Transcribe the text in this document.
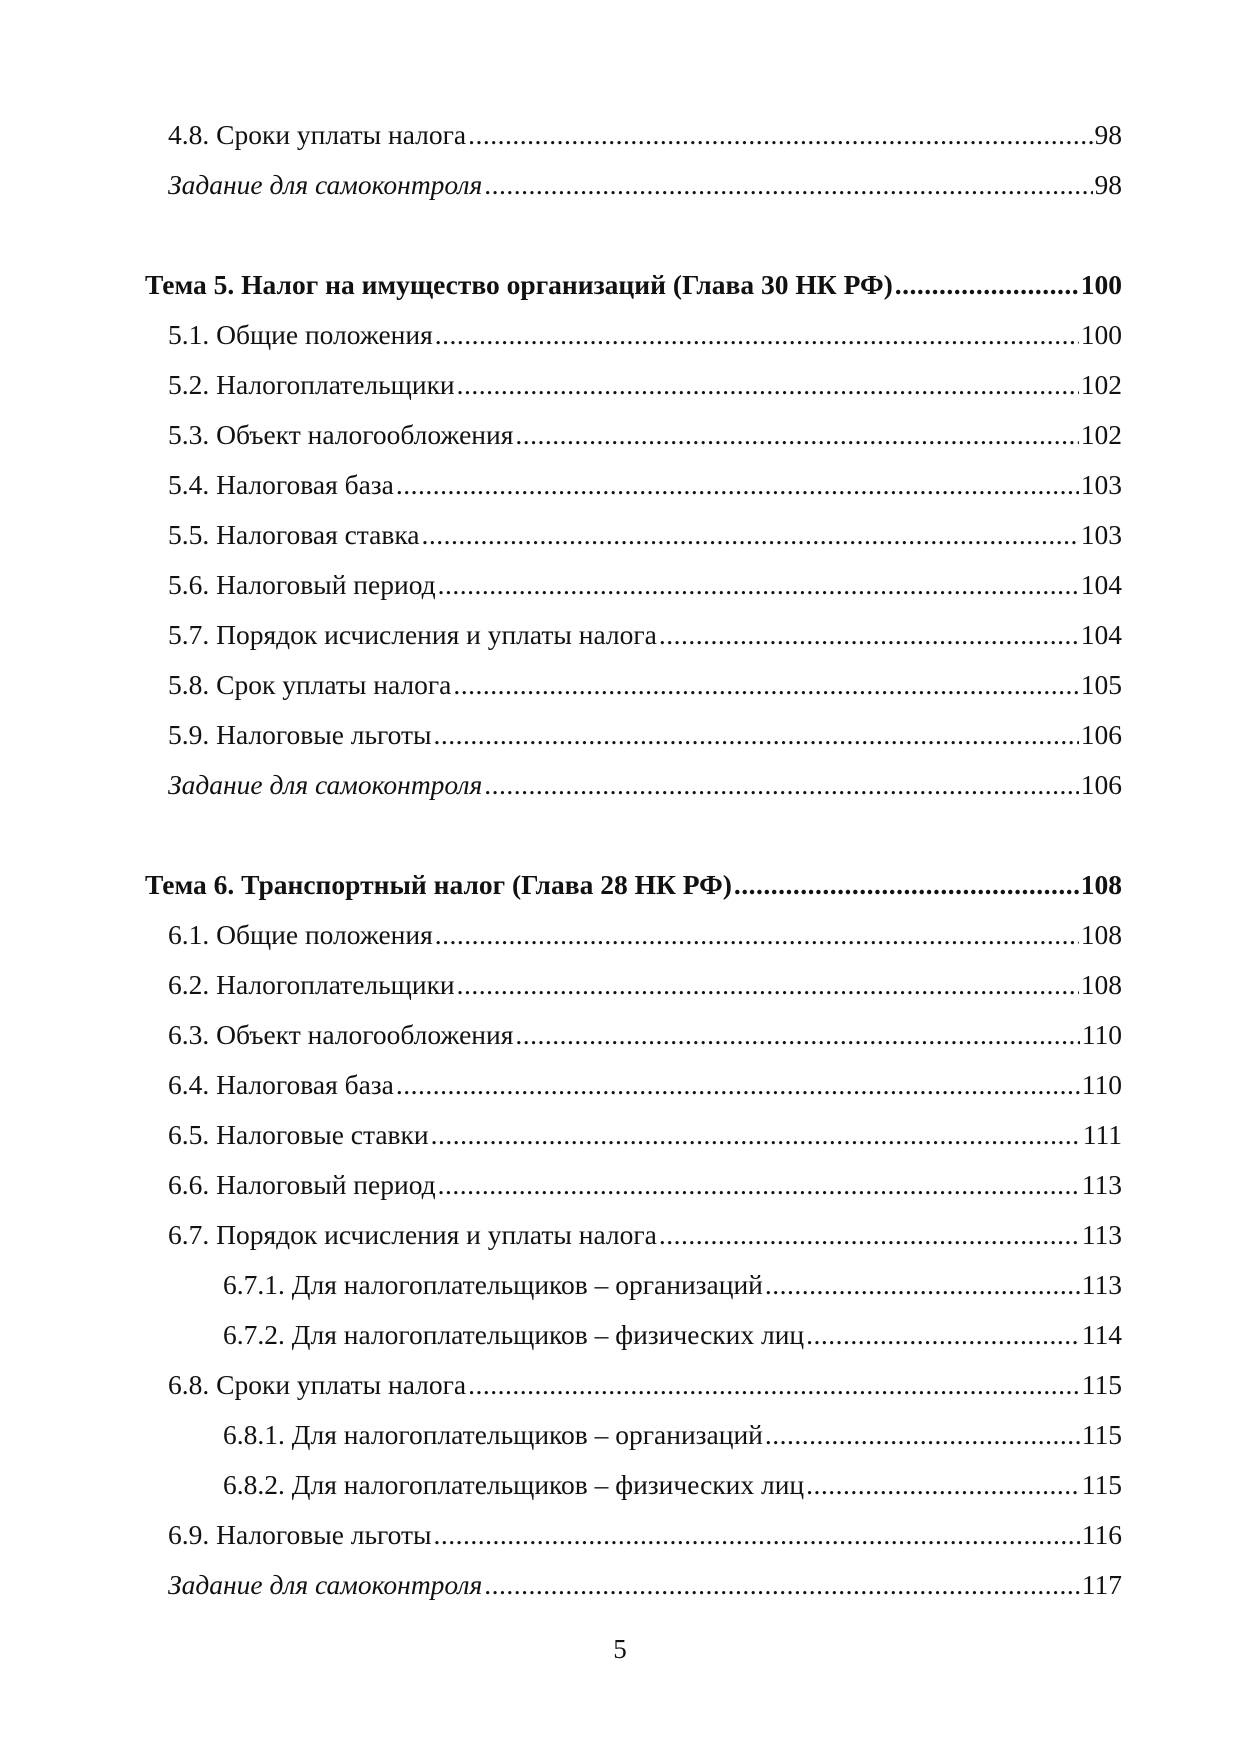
4.8. Сроки уплаты налога .....	98
Задание для самоконтроля .....	98
Тема 5. Налог на имущество организаций (Глава 30 НК РФ) .....	100
5.1. Общие положения .....	100
5.2. Налогоплательщики .....	102
5.3. Объект налогообложения .....	102
5.4. Налоговая база .....	103
5.5. Налоговая ставка .....	103
5.6. Налоговый период .....	104
5.7. Порядок исчисления и уплаты налога .....	104
5.8. Срок уплаты налога .....	105
5.9. Налоговые льготы .....	106
Задание для самоконтроля .....	106
Тема 6. Транспортный налог (Глава 28 НК РФ) .....	108
6.1. Общие положения .....	108
6.2. Налогоплательщики .....	108
6.3. Объект налогообложения .....	110
6.4. Налоговая база .....	110
6.5. Налоговые ставки .....	111
6.6. Налоговый период .....	113
6.7. Порядок исчисления и уплаты налога .....	113
6.7.1. Для налогоплательщиков – организаций .....	113
6.7.2. Для налогоплательщиков – физических лиц .....	114
6.8. Сроки уплаты налога .....	115
6.8.1. Для налогоплательщиков – организаций .....	115
6.8.2. Для налогоплательщиков – физических лиц .....	115
6.9. Налоговые льготы .....	116
Задание для самоконтроля .....	117
5
